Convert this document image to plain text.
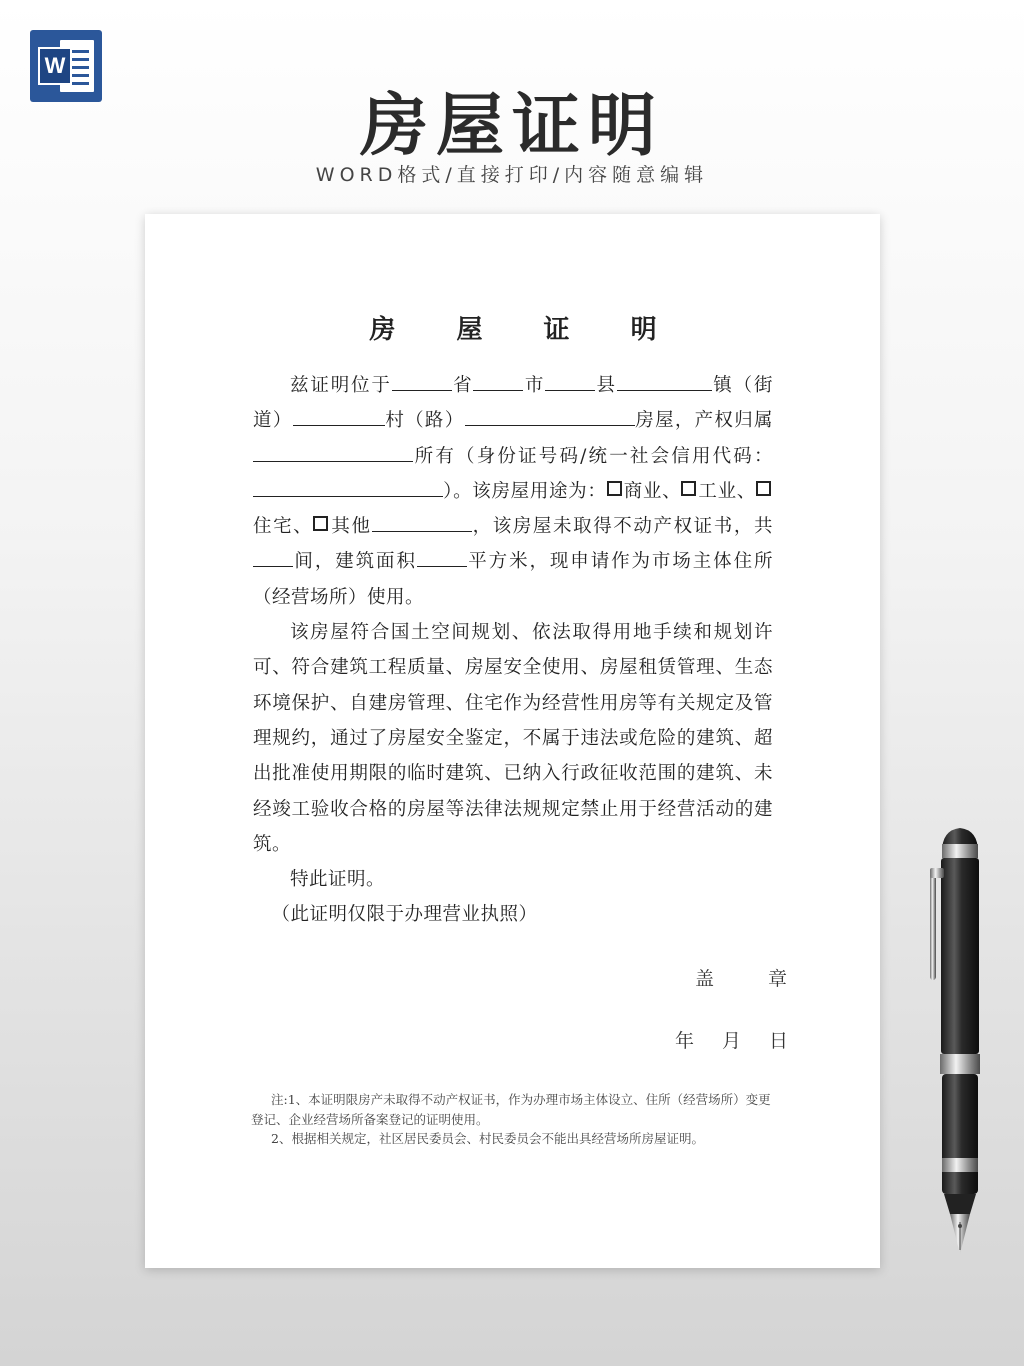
W
房屋证明
WORD格式/直接打印/内容随意编辑
房 屋 证 明

兹证明位于	省	市	县	镇（街道）	村（路）	房屋，产权归属所有（身份证号码/统一社会信用代码：）。该房屋用途为： 商业、 工业、住宅、 其他	，该房屋未取得不动产权证书，共间，建筑面积	平方米，现申请作为市场主体住所（经营场所）使用。

该房屋符合国土空间规划、依法取得用地手续和规划许可、符合建筑工程质量、房屋安全使用、房屋租赁管理、生态环境保护、自建房管理、住宅作为经营性用房等有关规定及管理规约，通过了房屋安全鉴定，不属于违法或危险的建筑、超出批准使用期限的临时建筑、已纳入行政征收范围的建筑、未经竣工验收合格的房屋等法律法规规定禁止用于经营活动的建筑。

特此证明。

（此证明仅限于办理营业执照）

盖 章
年 月 日

注:1、本证明限房产未取得不动产权证书，作为办理市场主体设立、住所（经营场所）变更登记、企业经营场所备案登记的证明使用。

2、根据相关规定，社区居民委员会、村民委员会不能出具经营场所房屋证明。
